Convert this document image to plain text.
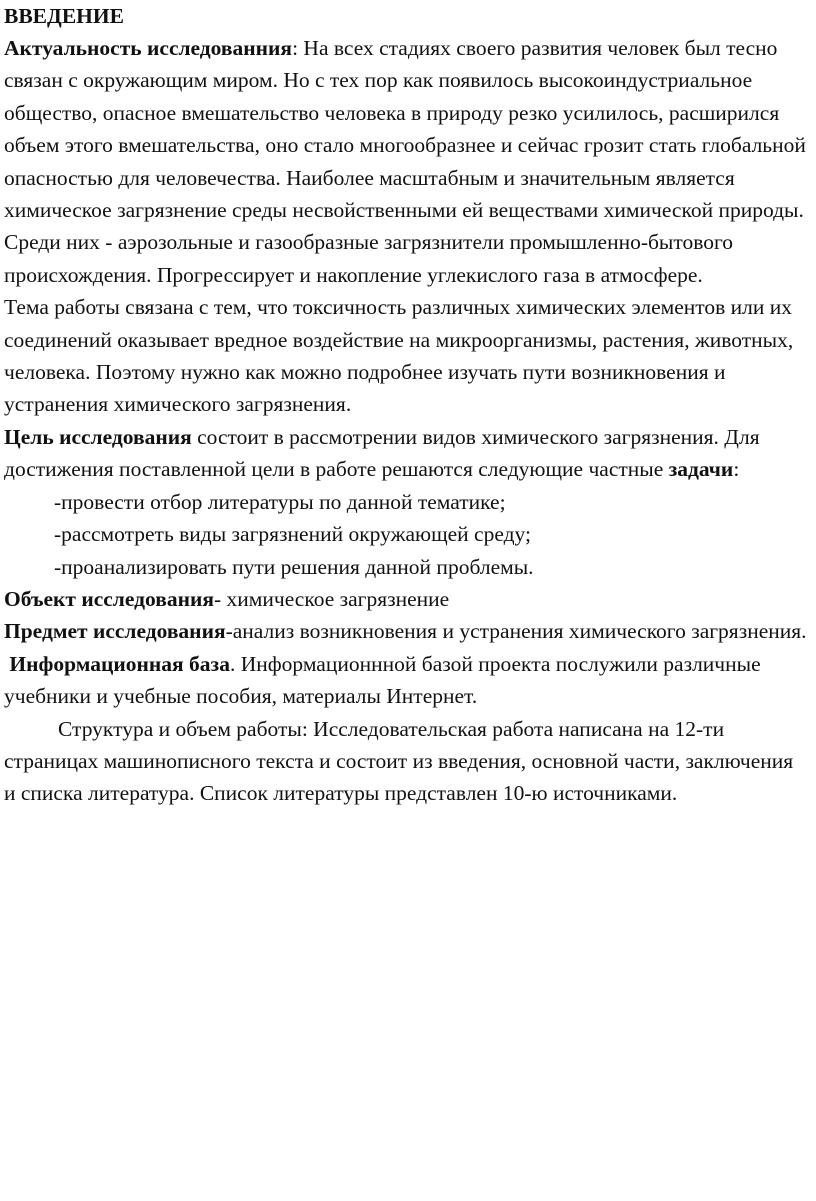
ВВЕДЕНИЕ

Актуальность исследованния: На всех стадиях своего развития человек был тесно связан с окружающим миром. Но с тех пор как появилось высокоиндустриальное общество, опасное вмешательство человека в природу резко усилилось, расширился объем этого вмешательства, оно стало многообразнее и сейчас грозит стать глобальной опасностью для человечества. Наиболее масштабным и значительным является химическое загрязнение среды несвойственными ей веществами химической природы. Среди них - аэрозольные и газообразные загрязнители промышленно-бытового происхождения. Прогрессирует и накопление углекислого газа в атмосфере.

Тема работы связана с тем, что токсичность различных химических элементов или их соединений оказывает вредное воздействие на микроорганизмы, растения, животных, человека. Поэтому нужно как можно подробнее изучать пути возникновения и устранения химического загрязнения.

Цель исследования состоит в рассмотрении видов химического загрязнения. Для достижения поставленной цели в работе решаются следующие частные задачи:

-провести отбор литературы по данной тематике;

-рассмотреть виды загрязнений окружающей среду;

-проанализировать пути решения данной проблемы.

Объект исследования- химическое загрязнение

Предмет исследования-анализ возникновения и устранения химического загрязнения.

Информационная база. Информационнной базой проекта послужили различные учебники и учебные пособия, материалы Интернет.

Структура и объем работы: Исследовательская работа написана на 12-ти страницах машинописного текста и состоит из введения, основной части, заключения и списка литература. Список литературы представлен 10-ю источниками.
